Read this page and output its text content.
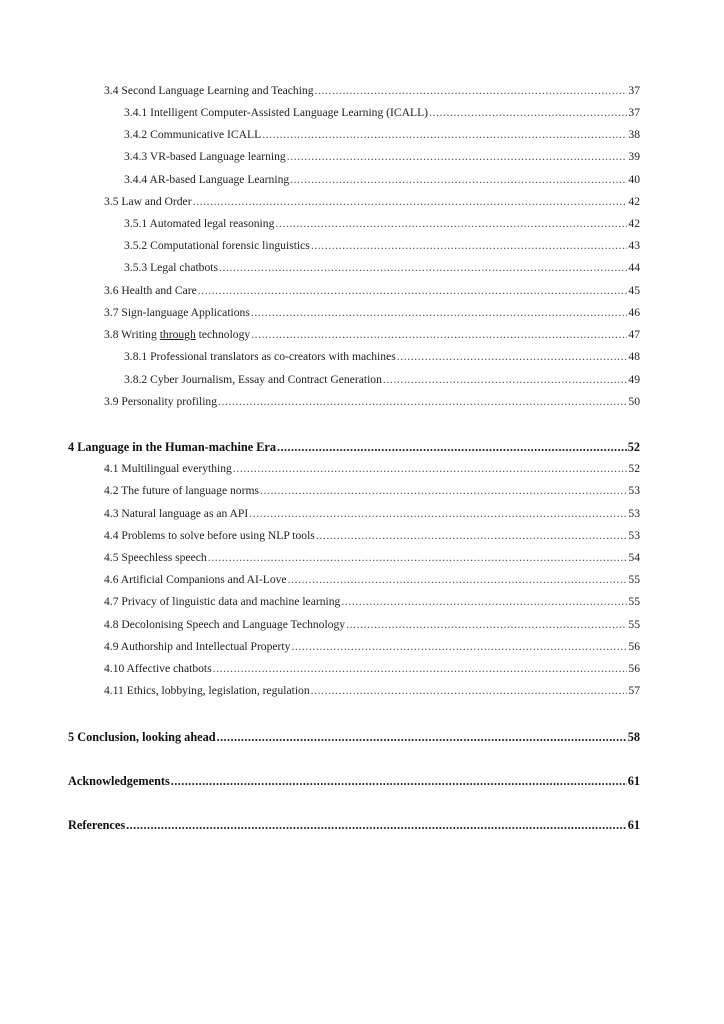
3.4 Second Language Learning and Teaching .....	37
3.4.1 Intelligent Computer-Assisted Language Learning (ICALL) .....	37
3.4.2 Communicative ICALL .....	38
3.4.3 VR-based Language learning .....	39
3.4.4 AR-based Language Learning .....	40
3.5 Law and Order .....	42
3.5.1 Automated legal reasoning .....	42
3.5.2 Computational forensic linguistics .....	43
3.5.3 Legal chatbots .....	44
3.6 Health and Care .....	45
3.7 Sign-language Applications .....	46
3.8 Writing through technology .....	47
3.8.1 Professional translators as co-creators with machines .....	48
3.8.2 Cyber Journalism, Essay and Contract Generation .....	49
3.9 Personality profiling .....	50
4 Language in the Human-machine Era .....	52
4.1 Multilingual everything .....	52
4.2 The future of language norms .....	53
4.3 Natural language as an API .....	53
4.4 Problems to solve before using NLP tools .....	53
4.5 Speechless speech .....	54
4.6 Artificial Companions and AI-Love .....	55
4.7 Privacy of linguistic data and machine learning .....	55
4.8 Decolonising Speech and Language Technology .....	55
4.9 Authorship and Intellectual Property .....	56
4.10 Affective chatbots .....	56
4.11 Ethics, lobbying, legislation, regulation .....	57
5 Conclusion, looking ahead .....	58
Acknowledgements .....	61
References .....	61
